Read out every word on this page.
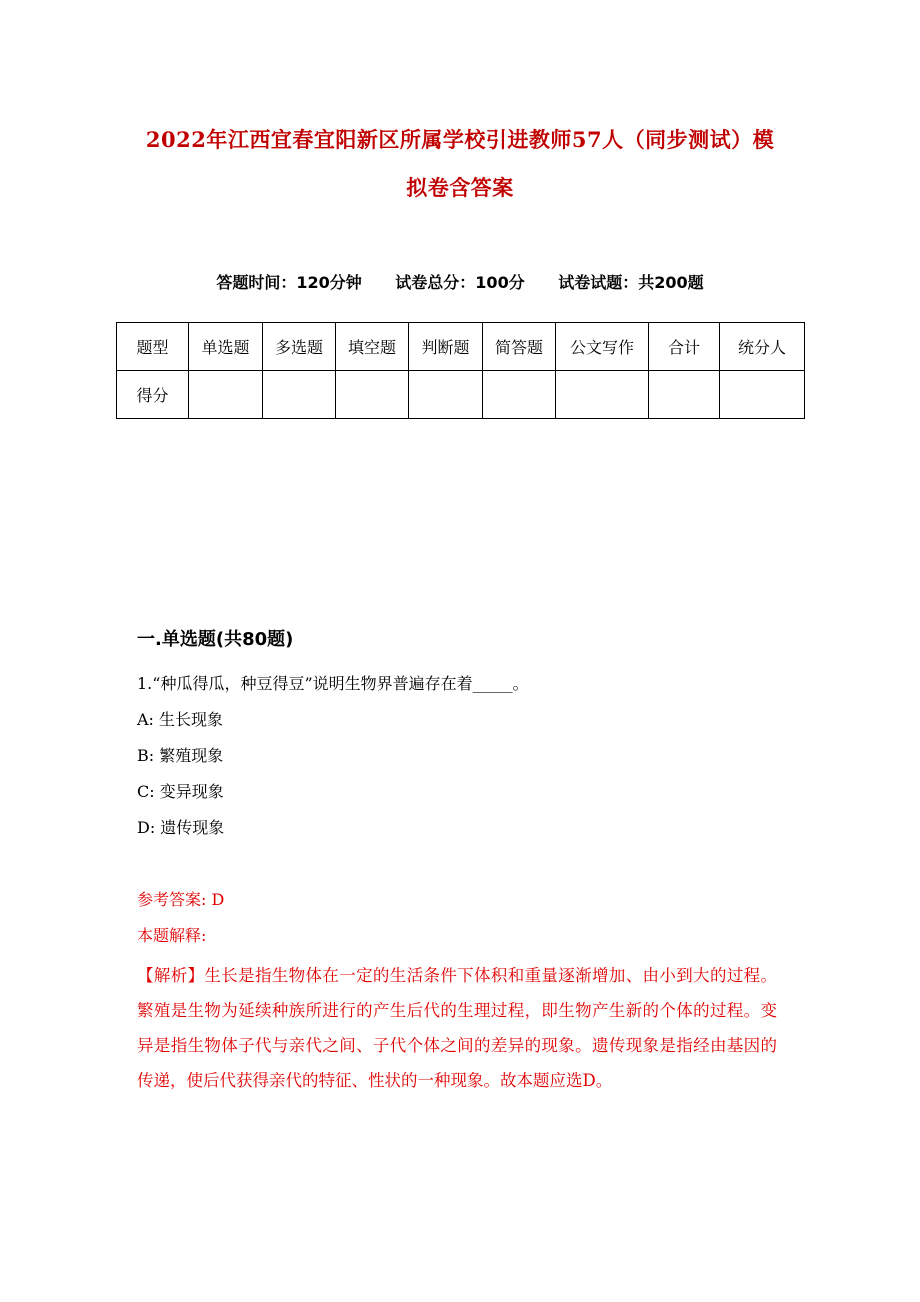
2022年江西宜春宜阳新区所属学校引进教师57人（同步测试）模
拟卷含答案
答题时间：120分钟 试卷总分：100分 试卷试题：共200题
题型	单选题	多选题	填空题	判断题	简答题	公文写作	合计	统分人
得分								
一.单选题(共80题)
1.“种瓜得瓜，种豆得豆”说明生物界普遍存在着_____。
A: 生长现象
B: 繁殖现象
C: 变异现象
D: 遗传现象
参考答案: D
本题解释:
【解析】生长是指生物体在一定的生活条件下体积和重量逐渐增加、由小到大的过程。繁殖是生物为延续种族所进行的产生后代的生理过程，即生物产生新的个体的过程。变异是指生物体子代与亲代之间、子代个体之间的差异的现象。遗传现象是指经由基因的传递，使后代获得亲代的特征、性状的一种现象。故本题应选D。
